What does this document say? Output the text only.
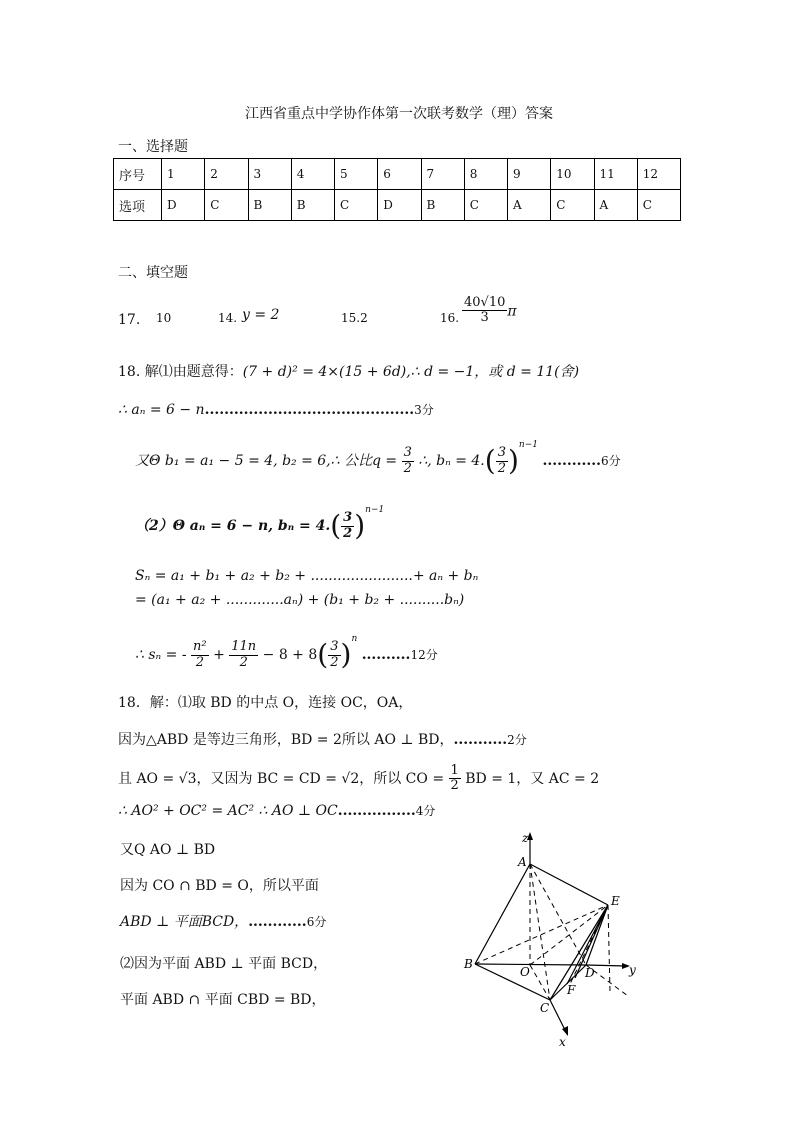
江西省重点中学协作体第一次联考数学（理）答案
一、选择题
序号	1	2	3	4	5	6	7	8	9	10	11	12
选项	D	C	B	B	C	D	B	C	A	C	A	C
二、填空题
17. 10	14. y = 2	15.2	16. $\frac{40√10}{3}$ π
18. 解⑴由题意得：(7 + d)² = 4×(15 + 6d),∴ d = −1，或 d = 11(舍)
∴ aₙ = 6 − n...........................................3分
又Θ b₁ = a₁ − 5 = 4, b₂ = 6,∴ 公比$q = \frac{3}{2}$ ∴, $b_n = 4.( \frac{3}{2} )^{n-1}$ ............6分
（2）Θ aₙ = 6 − n, $b_n = 4.( \frac{3}{2} )^{n-1}$
Sₙ = a₁ + b₁ + a₂ + b₂ + .......................+ aₙ + bₙ
= (a₁ + a₂ + .............aₙ) + (b₁ + b₂ + ..........bₙ)
∴ sₙ = - $\frac{\text{n²}}{2} + \frac{11n}{2} - 8 + 8( \frac{3}{2} )^n$ ..........12分
18．解：⑴取 BD 的中点 O，连接 OC，OA，
因为△ABD 是等边三角形，BD = 2所以 AO ⊥ BD，...........2分
且 AO = √3，又因为 BC = CD = √2，所以 CO = $\frac{1}{2}$ BD = 1，又 AC = 2
∴ AO² + OC² = AC² ∴ AO ⊥ OC................4分
又Q AO ⊥ BD
因为 CO ∩ BD = O，所以平面
ABD ⊥ 平面BCD，............6分
⑵因为平面 ABD ⊥ 平面 BCD，
平面 ABD ∩ 平面 CBD = BD，
z
A
E
B
O	D	y
F
C
x
